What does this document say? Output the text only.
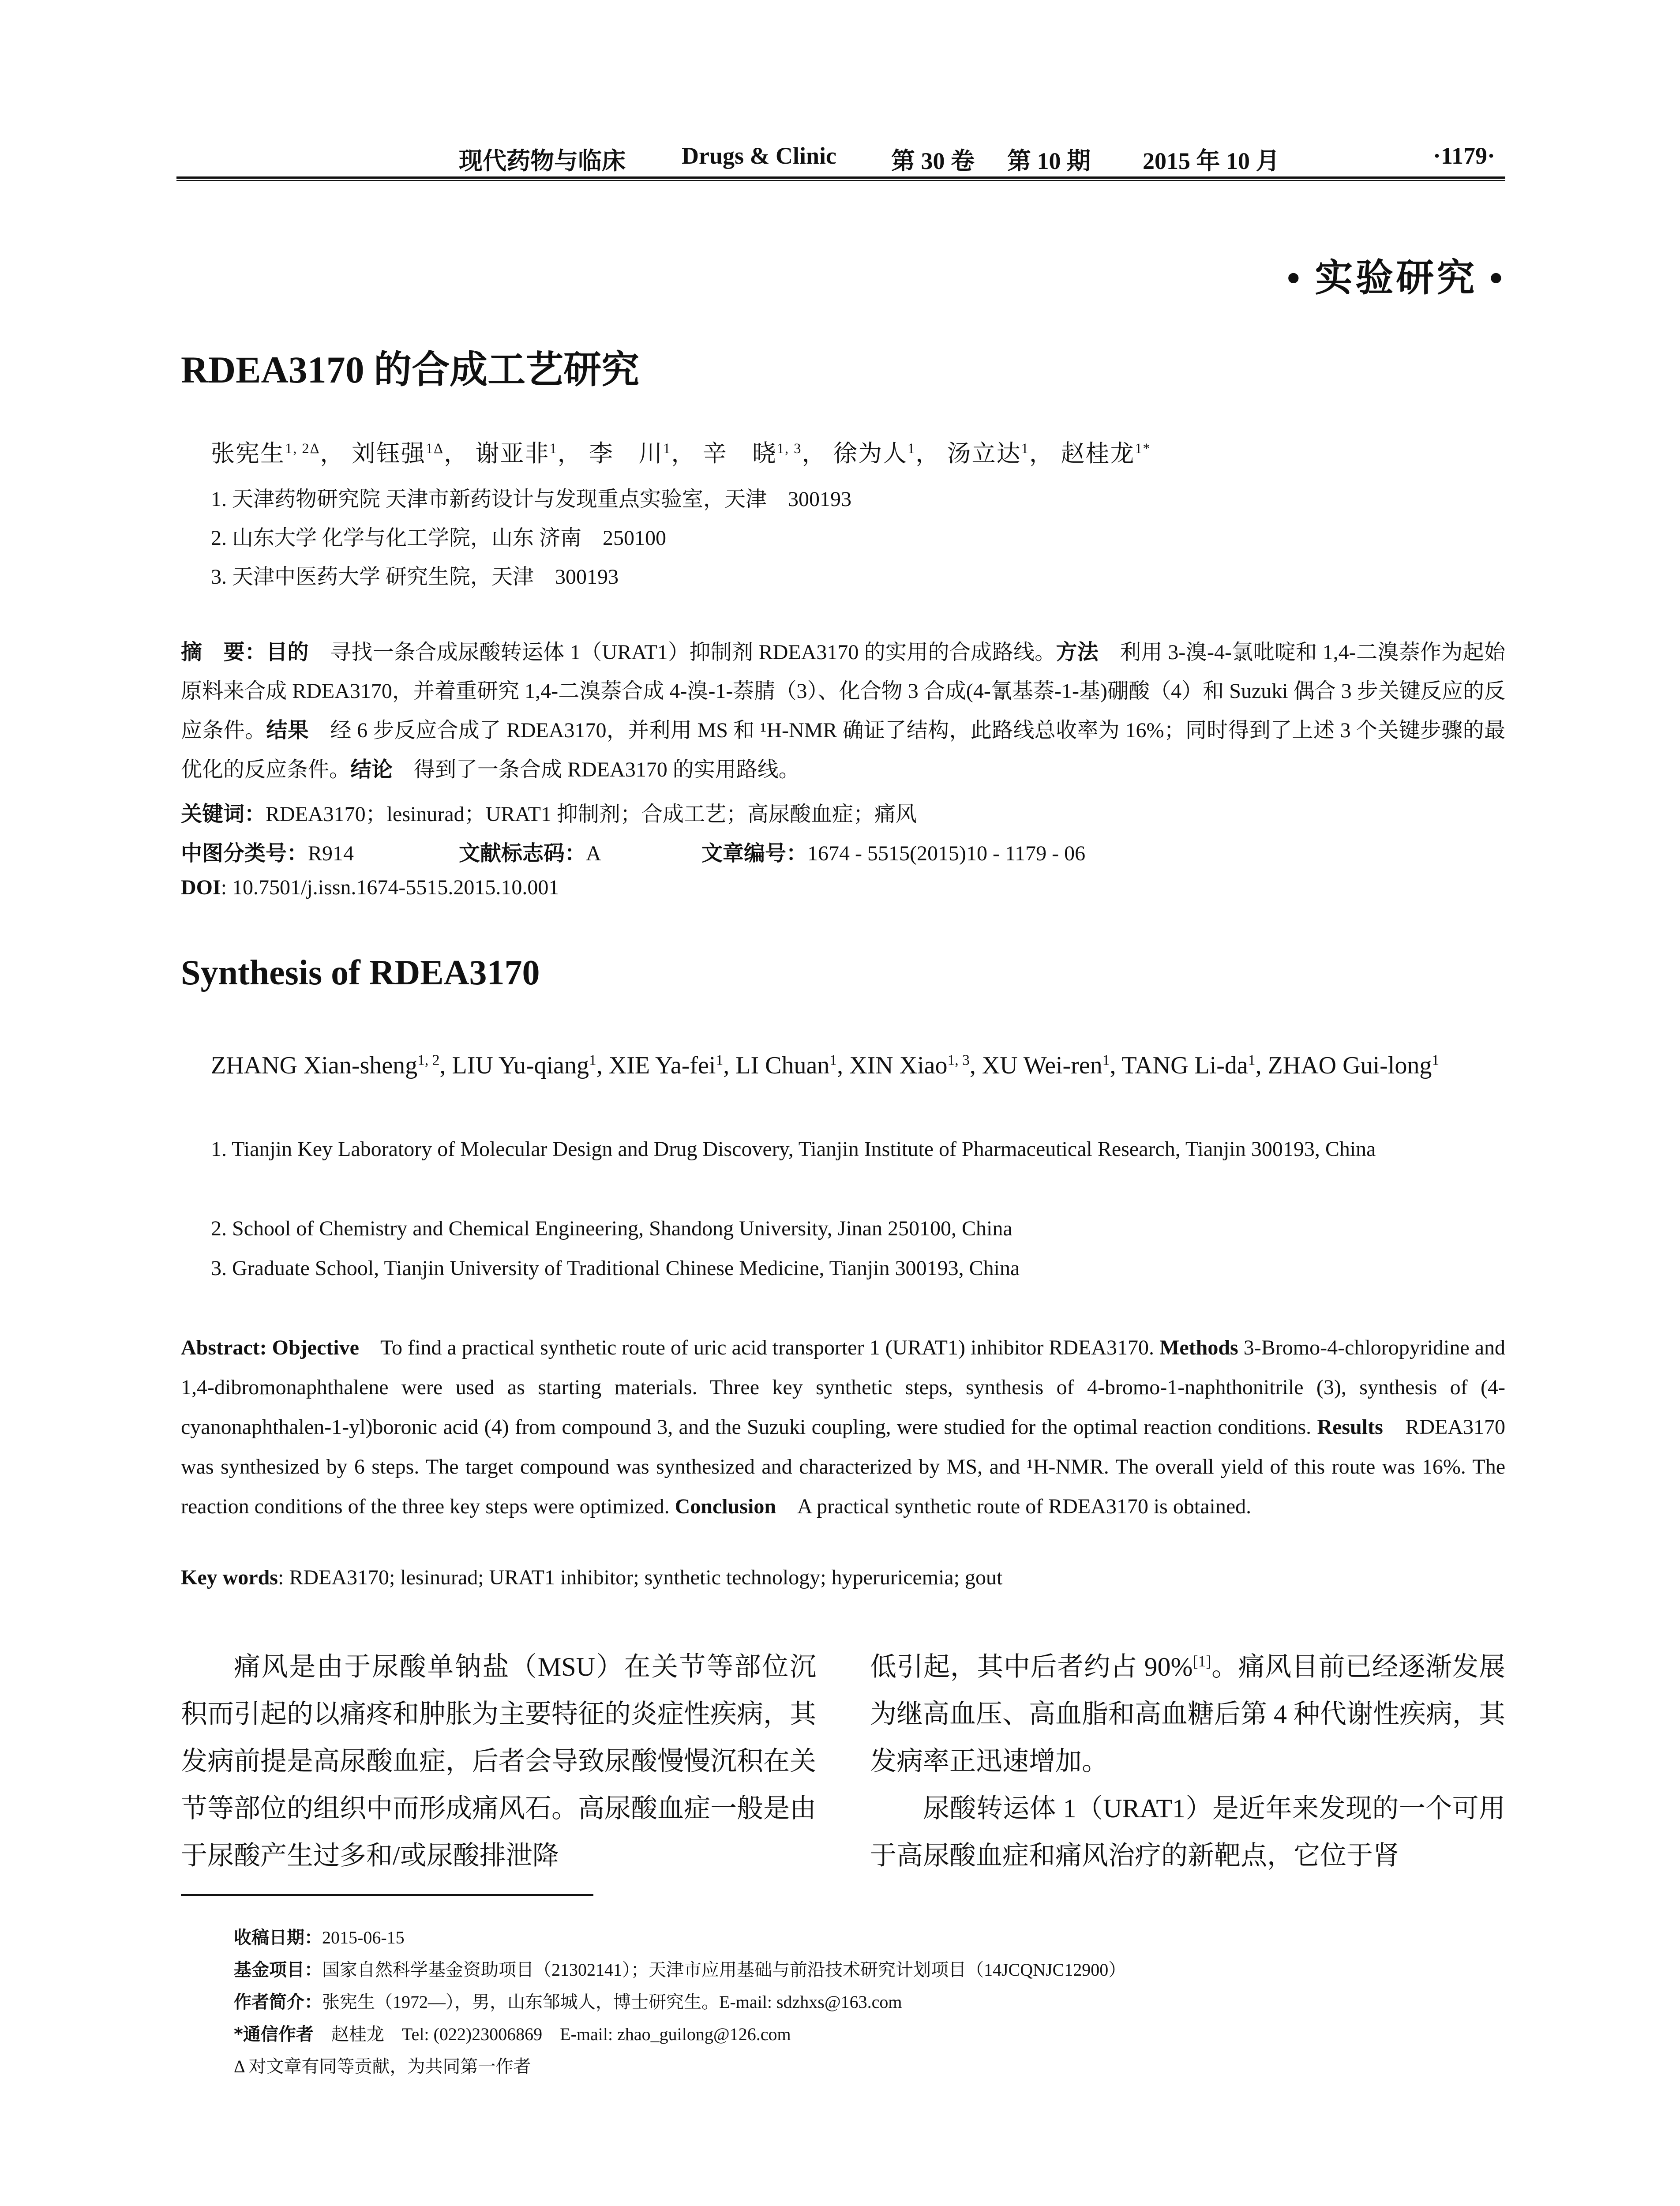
现代药物与临床 Drugs & Clinic 第 30 卷 第 10 期 2015 年 10 月	·1179·
• 实验研究 •
RDEA3170 的合成工艺研究
张宪生$^{1, 2\Delta}$， 刘钰强$^{1\Delta}$， 谢亚非$^1$， 李　川$^1$， 辛　晓$^{1, 3}$， 徐为人$^1$， 汤立达$^1$， 赵桂龙$^{1*}$
1. 天津药物研究院 天津市新药设计与发现重点实验室，天津　300193
2. 山东大学 化学与化工学院，山东 济南　250100
3. 天津中医药大学 研究生院，天津　300193
摘　要：目的　寻找一条合成尿酸转运体 1（URAT1）抑制剂 RDEA3170 的实用的合成路线。方法　利用 3-溴-4-氯吡啶和 1,4-二溴萘作为起始原料来合成 RDEA3170，并着重研究 1,4-二溴萘合成 4-溴-1-萘腈（3）、化合物 3 合成(4-氰基萘-1-基)硼酸（4）和 Suzuki 偶合 3 步关键反应的反应条件。结果　经 6 步反应合成了 RDEA3170，并利用 MS 和 ¹H-NMR 确证了结构，此路线总收率为 16%；同时得到了上述 3 个关键步骤的最优化的反应条件。结论　得到了一条合成 RDEA3170 的实用路线。
关键词：RDEA3170；lesinurad；URAT1 抑制剂；合成工艺；高尿酸血症；痛风
中图分类号：R914	文献标志码：A	文章编号：1674 - 5515(2015)10 - 1179 - 06
DOI: 10.7501/j.issn.1674-5515.2015.10.001
Synthesis of RDEA3170
ZHANG Xian-sheng$^{1, 2}$, LIU Yu-qiang$^1$, XIE Ya-fei$^1$, LI Chuan$^1$, XIN Xiao$^{1, 3}$, XU Wei-ren$^1$, TANG $Li-da^1$, ZHAO Gui-long$^1$
1. Tianjin Key Laboratory of Molecular Design and Drug Discovery, Tianjin Institute of Pharmaceutical Research, Tianjin 300193, China
2. School of Chemistry and Chemical Engineering, Shandong University, Jinan 250100, China
3. Graduate School, Tianjin University of Traditional Chinese Medicine, Tianjin 300193, China
Abstract: Objective　To find a practical synthetic route of uric acid transporter 1 (URAT1) inhibitor RDEA3170. Methods 3-Bromo-4-chloropyridine and 1,4-dibromonaphthalene were used as starting materials. Three key synthetic steps, synthesis of 4-bromo-1-naphthonitrile (3), synthesis of (4-cyanonaphthalen-1-yl)boronic acid (4) from compound 3, and the Suzuki coupling, were studied for the optimal reaction conditions. Results　RDEA3170 was synthesized by 6 steps. The target compound was synthesized and characterized by MS, and ¹H-NMR. The overall yield of this route was 16%. The reaction conditions of the three key steps were optimized. Conclusion　A practical synthetic route of RDEA3170 is obtained.
Key words: RDEA3170; lesinurad; URAT1 inhibitor; synthetic technology; hyperuricemia; gout

痛风是由于尿酸单钠盐（MSU）在关节等部位沉积而引起的以痛疼和肿胀为主要特征的炎症性疾病，其发病前提是高尿酸血症，后者会导致尿酸慢慢沉积在关节等部位的组织中而形成痛风石。高尿酸血症一般是由于尿酸产生过多和/或尿酸排泄降

低引起，其中后者约占 90%[1]。痛风目前已经逐渐发展为继高血压、高血脂和高血糖后第 4 种代谢性疾病，其发病率正迅速增加。

尿酸转运体 1（URAT1）是近年来发现的一个可用于高尿酸血症和痛风治疗的新靶点，它位于肾

收稿日期：2015-06-15
基金项目：国家自然科学基金资助项目（21302141）；天津市应用基础与前沿技术研究计划项目（14JCQNJC12900）
作者简介：张宪生（1972—），男，山东邹城人，博士研究生。E-mail: sdzhxs@163.com
*通信作者　赵桂龙　Tel: (022)23006869　E-mail: zhao_guilong@126.com
Δ 对文章有同等贡献，为共同第一作者
